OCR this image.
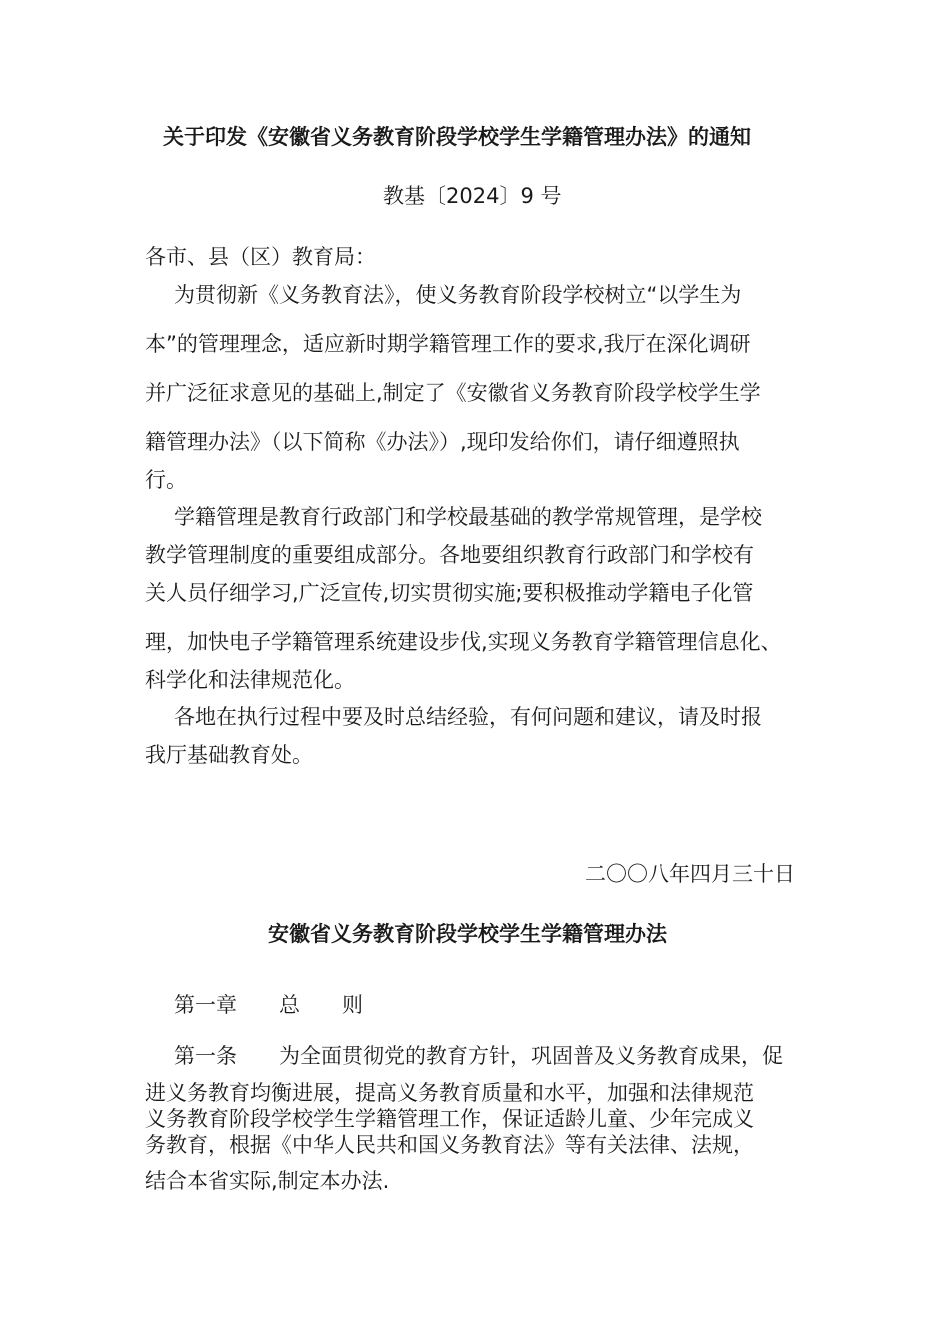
关于印发《安徽省义务教育阶段学校学生学籍管理办法》的通知
教基〔2024〕9 号
各市、县（区）教育局：
为贯彻新《义务教育法》，使义务教育阶段学校树立“以学生为
本”的管理理念，适应新时期学籍管理工作的要求,我厅在深化调研
并广泛征求意见的基础上,制定了《安徽省义务教育阶段学校学生学
籍管理办法》（以下简称《办法》）,现印发给你们，请仔细遵照执
行。
学籍管理是教育行政部门和学校最基础的教学常规管理，是学校
教学管理制度的重要组成部分。各地要组织教育行政部门和学校有
关人员仔细学习,广泛宣传,切实贯彻实施;要积极推动学籍电子化管
理，加快电子学籍管理系统建设步伐,实现义务教育学籍管理信息化、
科学化和法律规范化。
各地在执行过程中要及时总结经验，有何问题和建议，请及时报
我厅基础教育处。
二〇〇八年四月三十日
安徽省义务教育阶段学校学生学籍管理办法
第一章　　总　　则
第一条　　为全面贯彻党的教育方针，巩固普及义务教育成果，促
进义务教育均衡进展，提高义务教育质量和水平，加强和法律规范
义务教育阶段学校学生学籍管理工作，保证适龄儿童、少年完成义
务教育，根据《中华人民共和国义务教育法》等有关法律、法规，
结合本省实际,制定本办法.
